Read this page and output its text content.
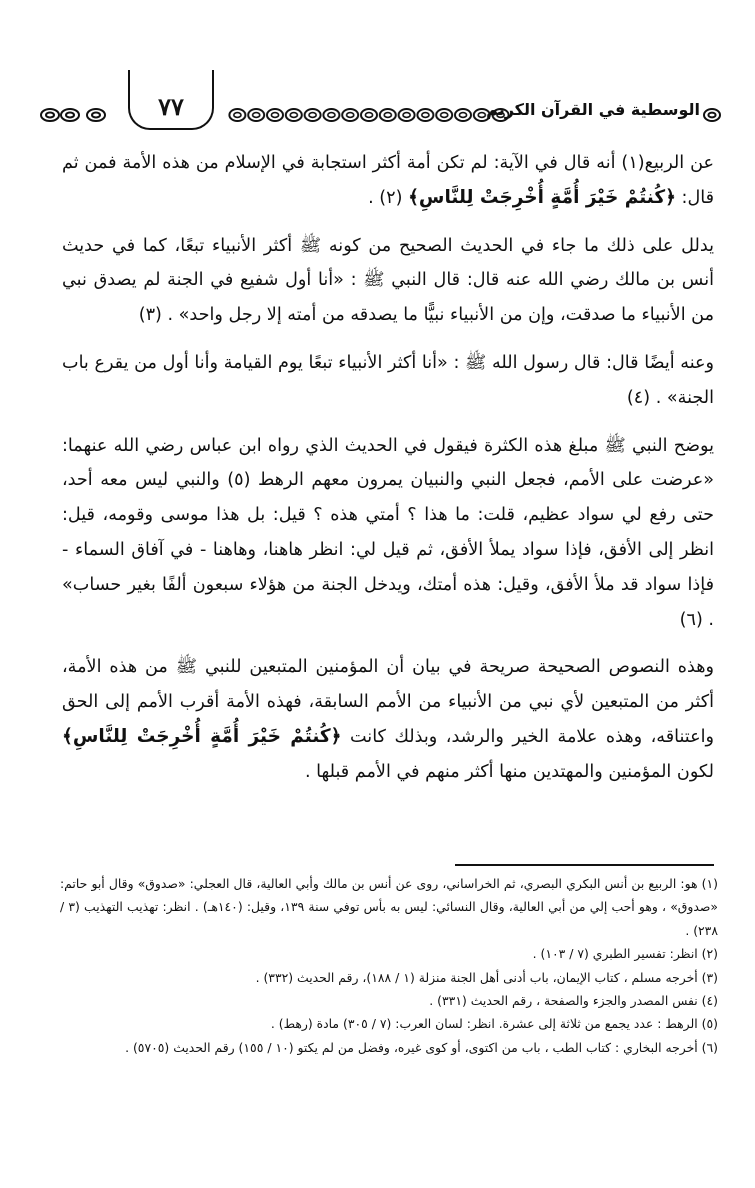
٧٧	الوسطية في القرآن الكريم

عن الربيع(١) أنه قال في الآية: لم تكن أمة أكثر استجابة في الإسلام من هذه الأمة فمن ثم قال: ﴿كُنتُمْ خَيْرَ أُمَّةٍ أُخْرِجَتْ لِلنَّاسِ﴾ (٢) .

يدلل على ذلك ما جاء في الحديث الصحيح من كونه ﷺ أكثر الأنبياء تبعًا، كما في حديث أنس بن مالك رضي الله عنه قال: قال النبي ﷺ : «أنا أول شفيع في الجنة لم يصدق نبي من الأنبياء ما صدقت، وإن من الأنبياء نبيًّا ما يصدقه من أمته إلا رجل واحد» . (٣)

وعنه أيضًا قال: قال رسول الله ﷺ : «أنا أكثر الأنبياء تبعًا يوم القيامة وأنا أول من يقرع باب الجنة» . (٤)

يوضح النبي ﷺ مبلغ هذه الكثرة فيقول في الحديث الذي رواه ابن عباس رضي الله عنهما: «عرضت على الأمم، فجعل النبي والنبيان يمرون معهم الرهط (٥) والنبي ليس معه أحد، حتى رفع لي سواد عظيم، قلت: ما هذا ؟ أمتي هذه ؟ قيل: بل هذا موسى وقومه، قيل: انظر إلى الأفق، فإذا سواد يملأ الأفق، ثم قيل لي: انظر هاهنا، وهاهنا - في آفاق السماء - فإذا سواد قد ملأ الأفق، وقيل: هذه أمتك، ويدخل الجنة من هؤلاء سبعون ألفًا بغير حساب» . (٦)

وهذه النصوص الصحيحة صريحة في بيان أن المؤمنين المتبعين للنبي ﷺ من هذه الأمة، أكثر من المتبعين لأي نبي من الأنبياء من الأمم السابقة، فهذه الأمة أقرب الأمم إلى الحق واعتناقه، وهذه علامة الخير والرشد، وبذلك كانت ﴿كُنتُمْ خَيْرَ أُمَّةٍ أُخْرِجَتْ لِلنَّاسِ﴾ لكون المؤمنين والمهتدين منها أكثر منهم في الأمم قبلها .

(١) هو: الربيع بن أنس البكري البصري، ثم الخراساني، روى عن أنس بن مالك وأبي العالية، قال العجلي: «صدوق» وقال أبو حاتم: «صدوق» ، وهو أحب إلي من أبي العالية، وقال النسائي: ليس به بأس توفي سنة ١٣٩، وقيل: (١٤٠هـ) . انظر: تهذيب التهذيب (٣ / ٢٣٨) .

(٢) انظر: تفسير الطبري (٧ / ١٠٣) .

(٣) أخرجه مسلم ، كتاب الإيمان، باب أدنى أهل الجنة منزلة (١ / ١٨٨)، رقم الحديث (٣٣٢) .

(٤) نفس المصدر والجزء والصفحة ، رقم الحديث (٣٣١) .

(٥) الرهط : عدد يجمع من ثلاثة إلى عشرة. انظر: لسان العرب: (٧ / ٣٠٥) مادة (رهط) .

(٦) أخرجه البخاري : كتاب الطب ، باب من اكتوى، أو كوى غيره، وفضل من لم يكتو (١٠ / ١٥٥) رقم الحديث (٥٧٠٥) .
